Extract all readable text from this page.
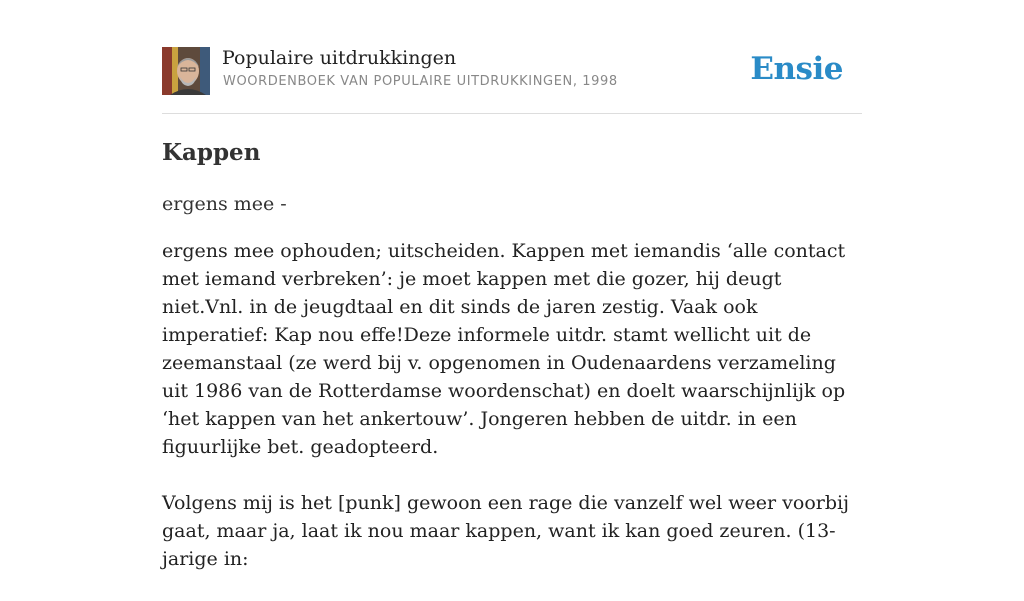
Populaire uitdrukkingen
WOORDENBOEK VAN POPULAIRE UITDRUKKINGEN, 1998	Ensie
Kappen
ergens mee -

ergens mee ophouden; uitscheiden. Kappen met iemandis ‘alle contact met iemand verbreken’: je moet kappen met die gozer, hij deugt niet.Vnl. in de jeugdtaal en dit sinds de jaren zestig. Vaak ook imperatief: Kap nou effe!Deze informele uitdr. stamt wellicht uit de zeemanstaal (ze werd bij v. opgenomen in Oudenaardens verzameling uit 1986 van de Rotterdamse woordenschat) en doelt waarschijnlijk op ‘het kappen van het ankertouw’. Jongeren hebben de uitdr. in een figuurlijke bet. geadopteerd.

Volgens mij is het [punk] gewoon een rage die vanzelf wel weer voorbij gaat, maar ja, laat ik nou maar kappen, want ik kan goed zeuren. (13-jarige in:
